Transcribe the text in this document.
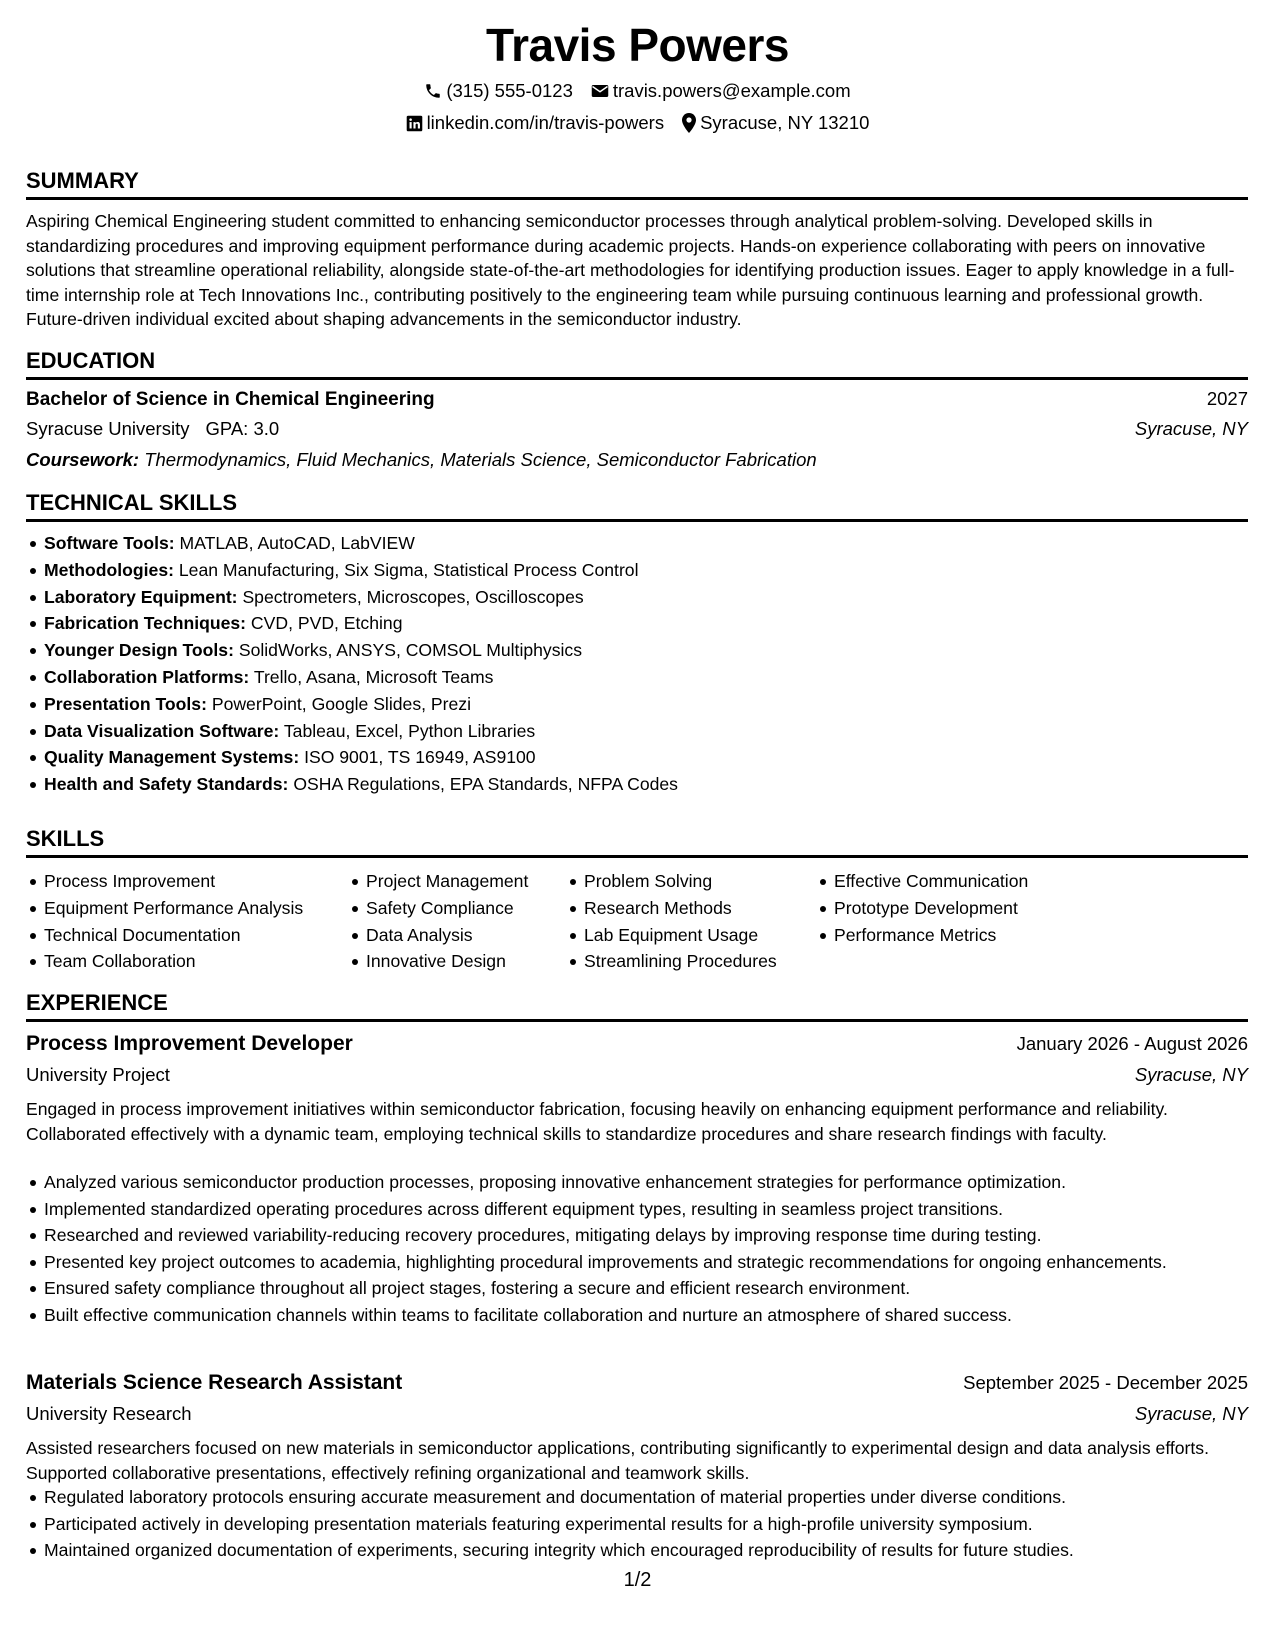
Travis Powers
(315) 555-0123 travis.powers@example.com
linkedin.com/in/travis-powers Syracuse, NY 13210
SUMMARY

Aspiring Chemical Engineering student committed to enhancing semiconductor processes through analytical problem-solving. Developed skills in standardizing procedures and improving equipment performance during academic projects. Hands-on experience collaborating with peers on innovative solutions that streamline operational reliability, alongside state-of-the-art methodologies for identifying production issues. Eager to apply knowledge in a full-time internship role at Tech Innovations Inc., contributing positively to the engineering team while pursuing continuous learning and professional growth. Future-driven individual excited about shaping advancements in the semiconductor industry.

EDUCATION
Bachelor of Science in Chemical Engineering	2027
Syracuse University GPA: 3.0	Syracuse, NY
Coursework: Thermodynamics, Fluid Mechanics, Materials Science, Semiconductor Fabrication
TECHNICAL SKILLS
Software Tools: MATLAB, AutoCAD, LabVIEW
Methodologies: Lean Manufacturing, Six Sigma, Statistical Process Control
Laboratory Equipment: Spectrometers, Microscopes, Oscilloscopes
Fabrication Techniques: CVD, PVD, Etching
Younger Design Tools: SolidWorks, ANSYS, COMSOL Multiphysics
Collaboration Platforms: Trello, Asana, Microsoft Teams
Presentation Tools: PowerPoint, Google Slides, Prezi
Data Visualization Software: Tableau, Excel, Python Libraries
Quality Management Systems: ISO 9001, TS 16949, AS9100
Health and Safety Standards: OSHA Regulations, EPA Standards, NFPA Codes
SKILLS
Process Improvement
Equipment Performance Analysis
Technical Documentation
Team Collaboration
Project Management
Safety Compliance
Data Analysis
Innovative Design
Problem Solving
Research Methods
Lab Equipment Usage
Streamlining Procedures
Effective Communication
Prototype Development
Performance Metrics
EXPERIENCE
Process Improvement Developer	January 2026 - August 2026
University Project	Syracuse, NY

Engaged in process improvement initiatives within semiconductor fabrication, focusing heavily on enhancing equipment performance and reliability. Collaborated effectively with a dynamic team, employing technical skills to standardize procedures and share research findings with faculty.

Analyzed various semiconductor production processes, proposing innovative enhancement strategies for performance optimization.
Implemented standardized operating procedures across different equipment types, resulting in seamless project transitions.
Researched and reviewed variability-reducing recovery procedures, mitigating delays by improving response time during testing.
Presented key project outcomes to academia, highlighting procedural improvements and strategic recommendations for ongoing enhancements.
Ensured safety compliance throughout all project stages, fostering a secure and efficient research environment.
Built effective communication channels within teams to facilitate collaboration and nurture an atmosphere of shared success.
Materials Science Research Assistant	September 2025 - December 2025
University Research	Syracuse, NY

Assisted researchers focused on new materials in semiconductor applications, contributing significantly to experimental design and data analysis efforts. Supported collaborative presentations, effectively refining organizational and teamwork skills.

Regulated laboratory protocols ensuring accurate measurement and documentation of material properties under diverse conditions.
Participated actively in developing presentation materials featuring experimental results for a high-profile university symposium.
Maintained organized documentation of experiments, securing integrity which encouraged reproducibility of results for future studies.
1/2
